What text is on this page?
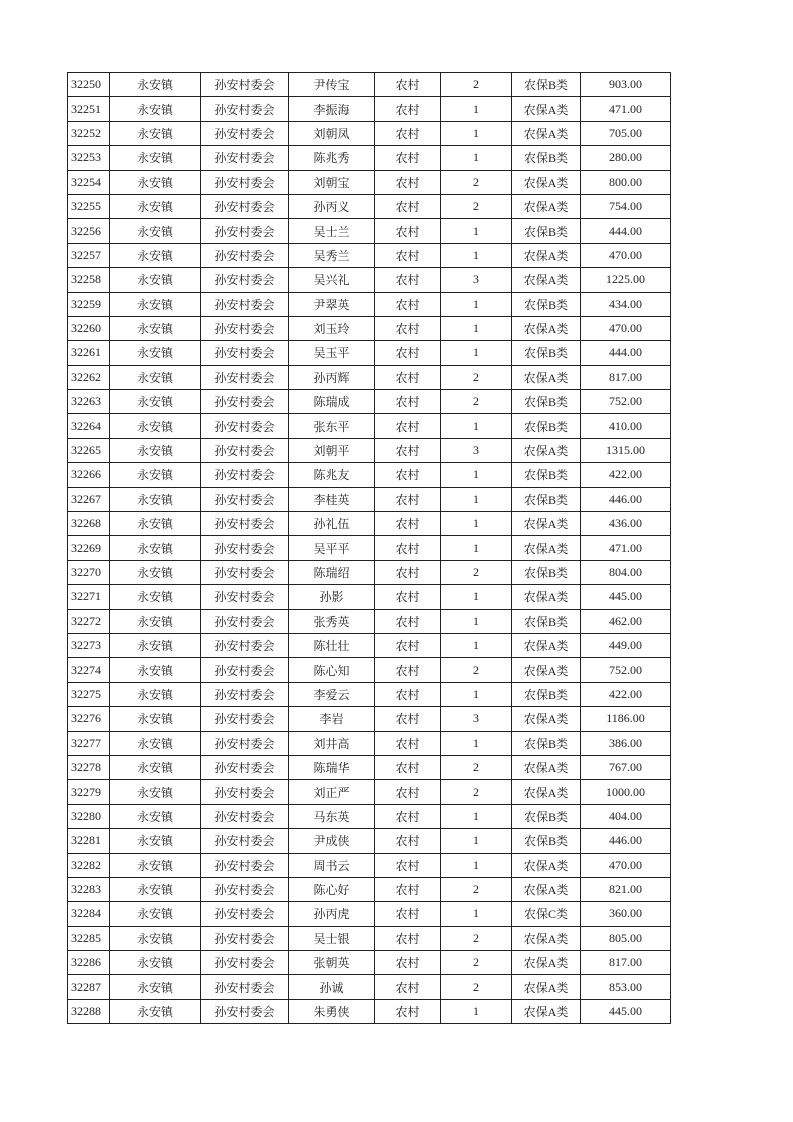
32250	永安镇	孙安村委会	尹传宝	农村	2	农保B类	903.00
32251	永安镇	孙安村委会	李振海	农村	1	农保A类	471.00
32252	永安镇	孙安村委会	刘朝凤	农村	1	农保A类	705.00
32253	永安镇	孙安村委会	陈兆秀	农村	1	农保B类	280.00
32254	永安镇	孙安村委会	刘朝宝	农村	2	农保A类	800.00
32255	永安镇	孙安村委会	孙丙义	农村	2	农保A类	754.00
32256	永安镇	孙安村委会	吴士兰	农村	1	农保B类	444.00
32257	永安镇	孙安村委会	吴秀兰	农村	1	农保A类	470.00
32258	永安镇	孙安村委会	吴兴礼	农村	3	农保A类	1225.00
32259	永安镇	孙安村委会	尹翠英	农村	1	农保B类	434.00
32260	永安镇	孙安村委会	刘玉玲	农村	1	农保A类	470.00
32261	永安镇	孙安村委会	吴玉平	农村	1	农保B类	444.00
32262	永安镇	孙安村委会	孙丙辉	农村	2	农保A类	817.00
32263	永安镇	孙安村委会	陈瑞成	农村	2	农保B类	752.00
32264	永安镇	孙安村委会	张东平	农村	1	农保B类	410.00
32265	永安镇	孙安村委会	刘朝平	农村	3	农保A类	1315.00
32266	永安镇	孙安村委会	陈兆友	农村	1	农保B类	422.00
32267	永安镇	孙安村委会	李桂英	农村	1	农保B类	446.00
32268	永安镇	孙安村委会	孙礼伍	农村	1	农保A类	436.00
32269	永安镇	孙安村委会	吴平平	农村	1	农保A类	471.00
32270	永安镇	孙安村委会	陈瑞绍	农村	2	农保B类	804.00
32271	永安镇	孙安村委会	孙影	农村	1	农保A类	445.00
32272	永安镇	孙安村委会	张秀英	农村	1	农保B类	462.00
32273	永安镇	孙安村委会	陈壮壮	农村	1	农保A类	449.00
32274	永安镇	孙安村委会	陈心知	农村	2	农保A类	752.00
32275	永安镇	孙安村委会	李爱云	农村	1	农保B类	422.00
32276	永安镇	孙安村委会	李岩	农村	3	农保A类	1186.00
32277	永安镇	孙安村委会	刘井高	农村	1	农保B类	386.00
32278	永安镇	孙安村委会	陈瑞华	农村	2	农保A类	767.00
32279	永安镇	孙安村委会	刘正严	农村	2	农保A类	1000.00
32280	永安镇	孙安村委会	马东英	农村	1	农保B类	404.00
32281	永安镇	孙安村委会	尹成侠	农村	1	农保B类	446.00
32282	永安镇	孙安村委会	周书云	农村	1	农保A类	470.00
32283	永安镇	孙安村委会	陈心好	农村	2	农保A类	821.00
32284	永安镇	孙安村委会	孙丙虎	农村	1	农保C类	360.00
32285	永安镇	孙安村委会	吴士银	农村	2	农保A类	805.00
32286	永安镇	孙安村委会	张朝英	农村	2	农保A类	817.00
32287	永安镇	孙安村委会	孙诚	农村	2	农保A类	853.00
32288	永安镇	孙安村委会	朱勇侠	农村	1	农保A类	445.00
